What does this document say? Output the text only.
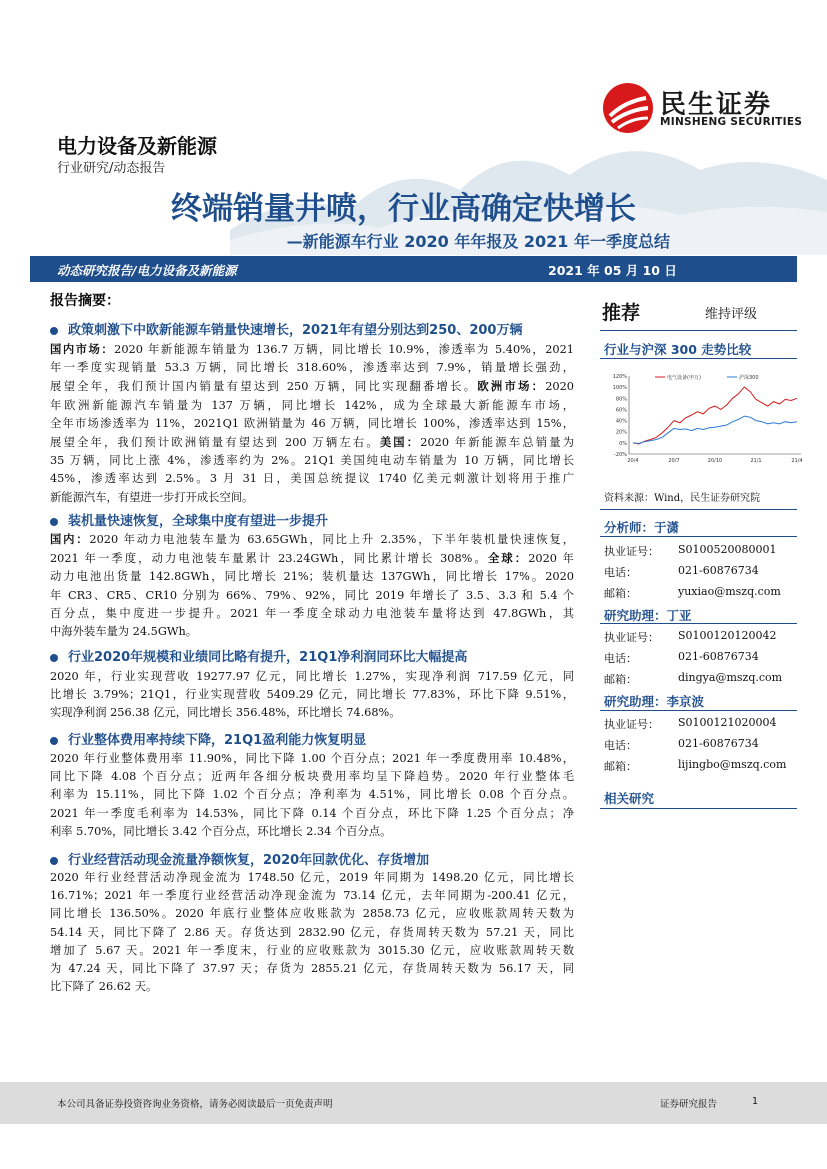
民生证券
MINSHENG SECURITIES
电力设备及新能源
行业研究/动态报告
终端销量井喷，行业高确定快增长
—新能源车行业 2020 年年报及 2021 年一季度总结
动态研究报告/电力设备及新能源	2021 年 05 月 10 日
报告摘要：
政策刺激下中欧新能源车销量快速增长，2021年有望分别达到250、200万辆
国内市场：2020 年新能源车销量为 136.7 万辆，同比增长 10.9%，渗透率为 5.40%，2021
年一季度实现销量 53.3 万辆，同比增长 318.60%，渗透率达到 7.9%，销量增长强劲，
展望全年，我们预计国内销量有望达到 250 万辆，同比实现翻番增长。欧洲市场：2020
年欧洲新能源汽车销量为 137 万辆，同比增长 142%，成为全球最大新能源车市场，
全年市场渗透率为 11%，2021Q1 欧洲销量为 46 万辆，同比增长 100%，渗透率达到 15%，
展望全年，我们预计欧洲销量有望达到 200 万辆左右。美国：2020 年新能源车总销量为
35 万辆，同比上涨 4%，渗透率约为 2%。21Q1 美国纯电动车销量为 10 万辆，同比增长
45%，渗透率达到 2.5%。3 月 31 日，美国总统提议 1740 亿美元刺激计划将用于推广
新能源汽车，有望进一步打开成长空间。
装机量快速恢复，全球集中度有望进一步提升
国内：2020 年动力电池装车量为 63.65GWh，同比上升 2.35%，下半年装机量快速恢复，
2021 年一季度，动力电池装车量累计 23.24GWh，同比累计增长 308%。全球：2020 年
动力电池出货量 142.8GWh，同比增长 21%；装机量达 137GWh，同比增长 17%。2020
年 CR3、CR5、CR10 分别为 66%、79%、92%，同比 2019 年增长了 3.5、3.3 和 5.4 个
百分点，集中度进一步提升。2021 年一季度全球动力电池装车量将达到 47.8GWh，其
中海外装车量为 24.5GWh。
行业2020年规模和业绩同比略有提升，21Q1净利润同环比大幅提高
2020 年，行业实现营收 19277.97 亿元，同比增长 1.27%，实现净利润 717.59 亿元，同
比增长 3.79%；21Q1，行业实现营收 5409.29 亿元，同比增长 77.83%，环比下降 9.51%，
实现净利润 256.38 亿元，同比增长 356.48%，环比增长 74.68%。
行业整体费用率持续下降，21Q1盈利能力恢复明显
2020 年行业整体费用率 11.90%，同比下降 1.00 个百分点；2021 年一季度费用率 10.48%，
同比下降 4.08 个百分点；近两年各细分板块费用率均呈下降趋势。2020 年行业整体毛
利率为 15.11%，同比下降 1.02 个百分点；净利率为 4.51%，同比增长 0.08 个百分点。
2021 年一季度毛利率为 14.53%，同比下降 0.14 个百分点，环比下降 1.25 个百分点；净
利率 5.70%，同比增长 3.42 个百分点，环比增长 2.34 个百分点。
行业经营活动现金流量净额恢复，2020年回款优化、存货增加
2020 年行业经营活动净现金流为 1748.50 亿元，2019 年同期为 1498.20 亿元，同比增长
16.71%；2021 年一季度行业经营活动净现金流为 73.14 亿元，去年同期为-200.41 亿元，
同比增长 136.50%。2020 年底行业整体应收账款为 2858.73 亿元，应收账款周转天数为
54.14 天，同比下降了 2.86 天。存货达到 2832.90 亿元，存货周转天数为 57.21 天，同比
增加了 5.67 天。2021 年一季度末，行业的应收账款为 3015.30 亿元，应收账款周转天数
为 47.24 天，同比下降了 37.97 天；存货为 2855.21 亿元，存货周转天数为 56.17 天，同
比下降了 26.62 天。
推荐	维持评级
行业与沪深 300 走势比较
120%
100%
80%
60%
40%
20%
0%
-20%
20/4	20/7	20/10	21/1	21/4
电气设备(申万)	沪深300
资料来源：Wind，民生证券研究院
分析师：于潇
执业证号： S0100520080001
电话：	021-60876734
邮箱：	yuxiao@mszq.com
研究助理：丁亚
执业证号： S0100120120042
电话：	021-60876734
邮箱：	dingya@mszq.com
研究助理：李京波
执业证号： S0100121020004
电话：	021-60876734
邮箱：	lijingbo@mszq.com
相关研究
本公司具备证券投资咨询业务资格，请务必阅读最后一页免责声明	证券研究报告	1
